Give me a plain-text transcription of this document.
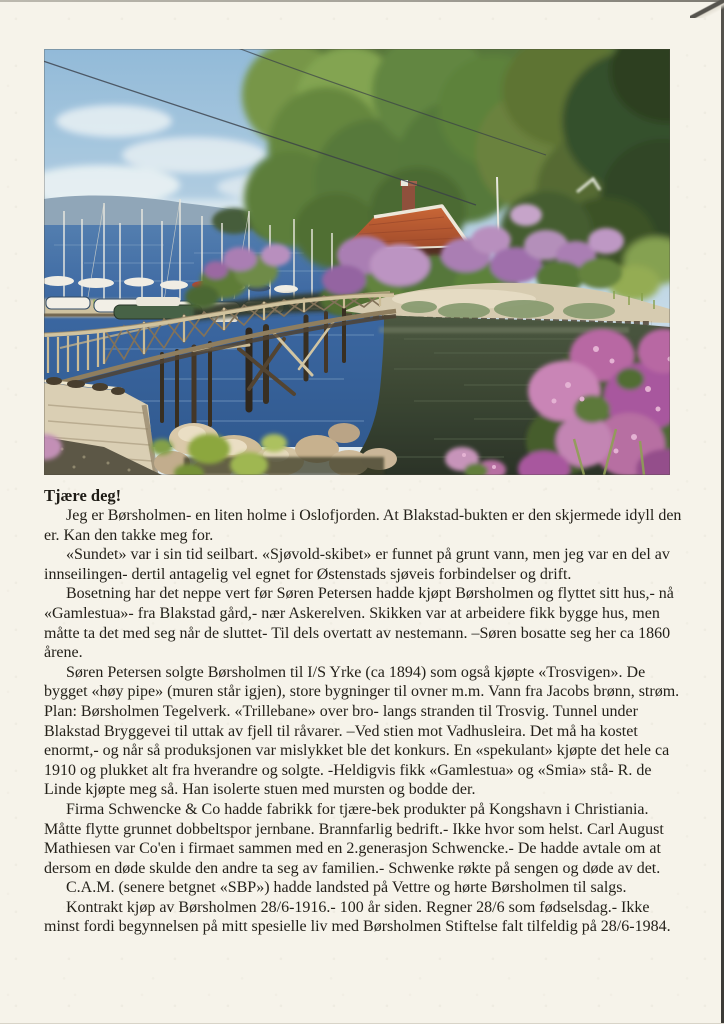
Tjære deg!

Jeg er Børsholmen- en liten holme i Oslofjorden. At Blakstad-bukten er den skjermede idyll den er. Kan den takke meg for.

«Sundet» var i sin tid seilbart. «Sjøvold-skibet» er funnet på grunt vann, men jeg var en del av innseilingen- dertil antagelig vel egnet for Østenstads sjøveis forbindelser og drift.

Bosetning har det neppe vert før Søren Petersen hadde kjøpt Børsholmen og flyttet sitt hus,- nå «Gamlestua»- fra Blakstad gård,- nær Askerelven. Skikken var at arbeidere fikk bygge hus, men måtte ta det med seg når de sluttet- Til dels overtatt av nestemann. –Søren bosatte seg her ca 1860 årene.

Søren Petersen solgte Børsholmen til I/S Yrke (ca 1894) som også kjøpte «Trosvigen». De bygget «høy pipe» (muren står igjen), store bygninger til ovner m.m. Vann fra Jacobs brønn, strøm. Plan: Børsholmen Tegelverk. «Trillebane» over bro- langs stranden til Trosvig. Tunnel under Blakstad Bryggevei til uttak av fjell til råvarer. –Ved stien mot Vadhusleira. Det må ha kostet enormt,- og når så produksjonen var mislykket ble det konkurs. En «spekulant» kjøpte det hele ca 1910 og plukket alt fra hverandre og solgte. -Heldigvis fikk «Gamlestua» og «Smia» stå- R. de Linde kjøpte meg så. Han isolerte stuen med mursten og bodde der.

Firma Schwencke & Co hadde fabrikk for tjære-bek produkter på Kongshavn i Christiania. Måtte flytte grunnet dobbeltspor jernbane. Brannfarlig bedrift.- Ikke hvor som helst. Carl August Mathiesen var Co'en i firmaet sammen med en 2.generasjon Schwencke.- De hadde avtale om at dersom en døde skulde den andre ta seg av familien.- Schwenke røkte på sengen og døde av det.

C.A.M. (senere betgnet «SBP») hadde landsted på Vettre og hørte Børsholmen til salgs.

Kontrakt kjøp av Børsholmen 28/6-1916.- 100 år siden. Regner 28/6 som fødselsdag.- Ikke minst fordi begynnelsen på mitt spesielle liv med Børsholmen Stiftelse falt tilfeldig på 28/6-1984.
